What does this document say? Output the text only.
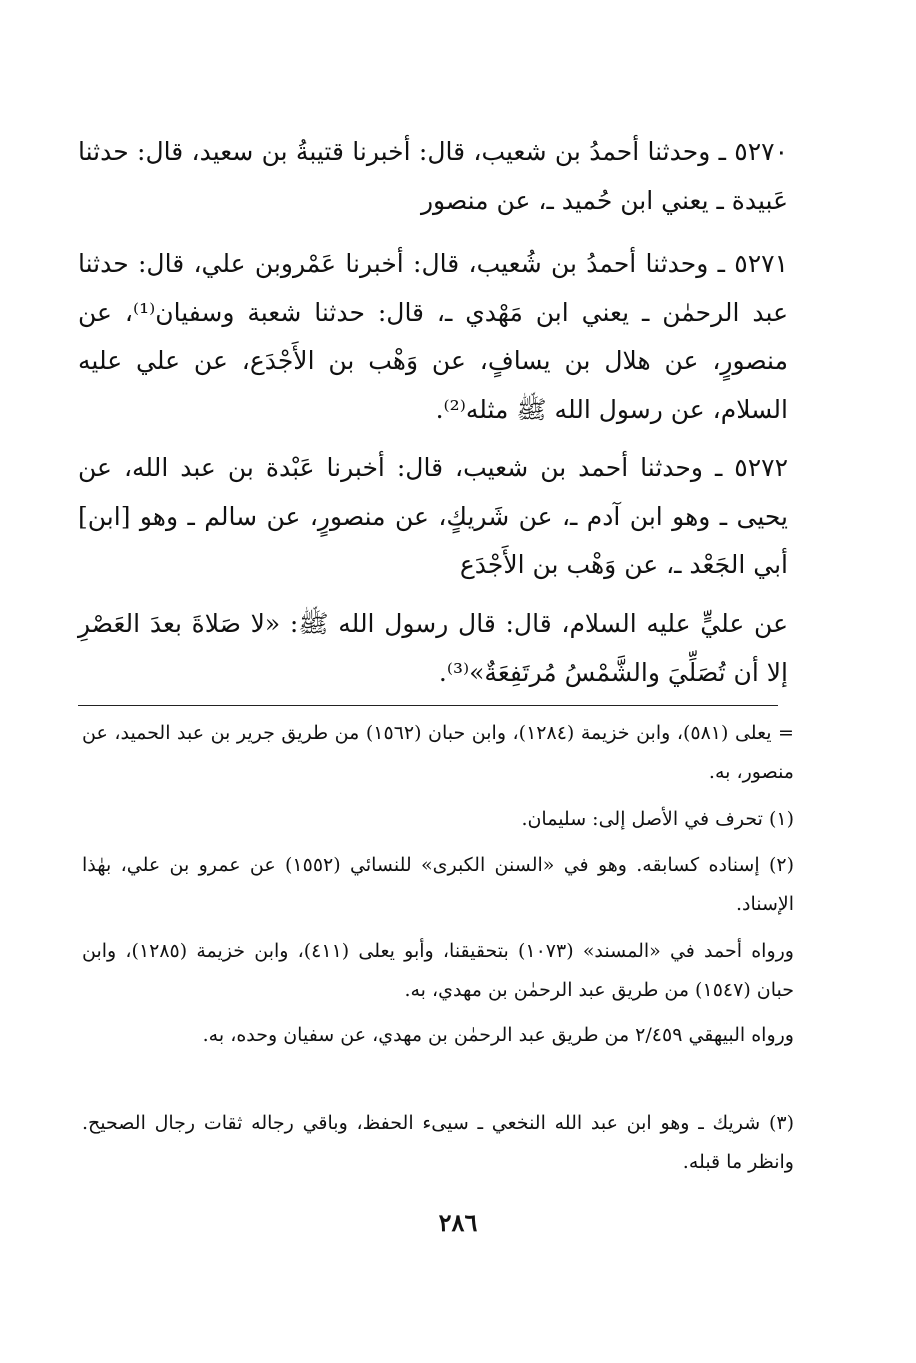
٥٢٧٠ ـ وحدثنا أحمدُ بن شعيب، قال: أخبرنا قتيبةُ بن سعيد، قال: حدثنا عَبيدة ـ يعني ابن حُميد ـ، عن منصور
٥٢٧١ ـ وحدثنا أحمدُ بن شُعيب، قال: أخبرنا عَمْروبن علي، قال: حدثنا عبد الرحمٰن ـ يعني ابن مَهْدي ـ، قال: حدثنا شعبة وسفيان⁽¹⁾، عن منصورٍ، عن هلال بن يسافٍ، عن وَهْب بن الأَجْدَع، عن علي عليه السلام، عن رسول الله ﷺ مثله⁽²⁾.
٥٢٧٢ ـ وحدثنا أحمد بن شعيب، قال: أخبرنا عَبْدة بن عبد الله، عن يحيى ـ وهو ابن آدم ـ، عن شَريكٍ، عن منصورٍ، عن سالم ـ وهو [ابن] أبي الجَعْد ـ، عن وَهْب بن الأَجْدَع
عن عليٍّ عليه السلام، قال: قال رسول الله ﷺ: «لا صَلاةَ بعدَ العَصْرِ إلا أن تُصَلِّيَ والشَّمْسُ مُرتَفِعَةٌ»⁽³⁾.
= يعلى (٥٨١)، وابن خزيمة (١٢٨٤)، وابن حبان (١٥٦٢) من طريق جرير بن عبد الحميد، عن منصور، به.
(١) تحرف في الأصل إلى: سليمان.
(٢) إسناده كسابقه. وهو في «السنن الكبرى» للنسائي (١٥٥٢) عن عمرو بن علي، بهٰذا الإسناد.
ورواه أحمد في «المسند» (١٠٧٣) بتحقيقنا، وأبو يعلى (٤١١)، وابن خزيمة (١٢٨٥)، وابن حبان (١٥٤٧) من طريق عبد الرحمٰن بن مهدي، به.
ورواه البيهقي ٢/٤٥٩ من طريق عبد الرحمٰن بن مهدي، عن سفيان وحده، به.
(٣) شريك ـ وهو ابن عبد الله النخعي ـ سيىء الحفظ، وباقي رجاله ثقات رجال الصحيح. وانظر ما قبله.
٢٨٦
